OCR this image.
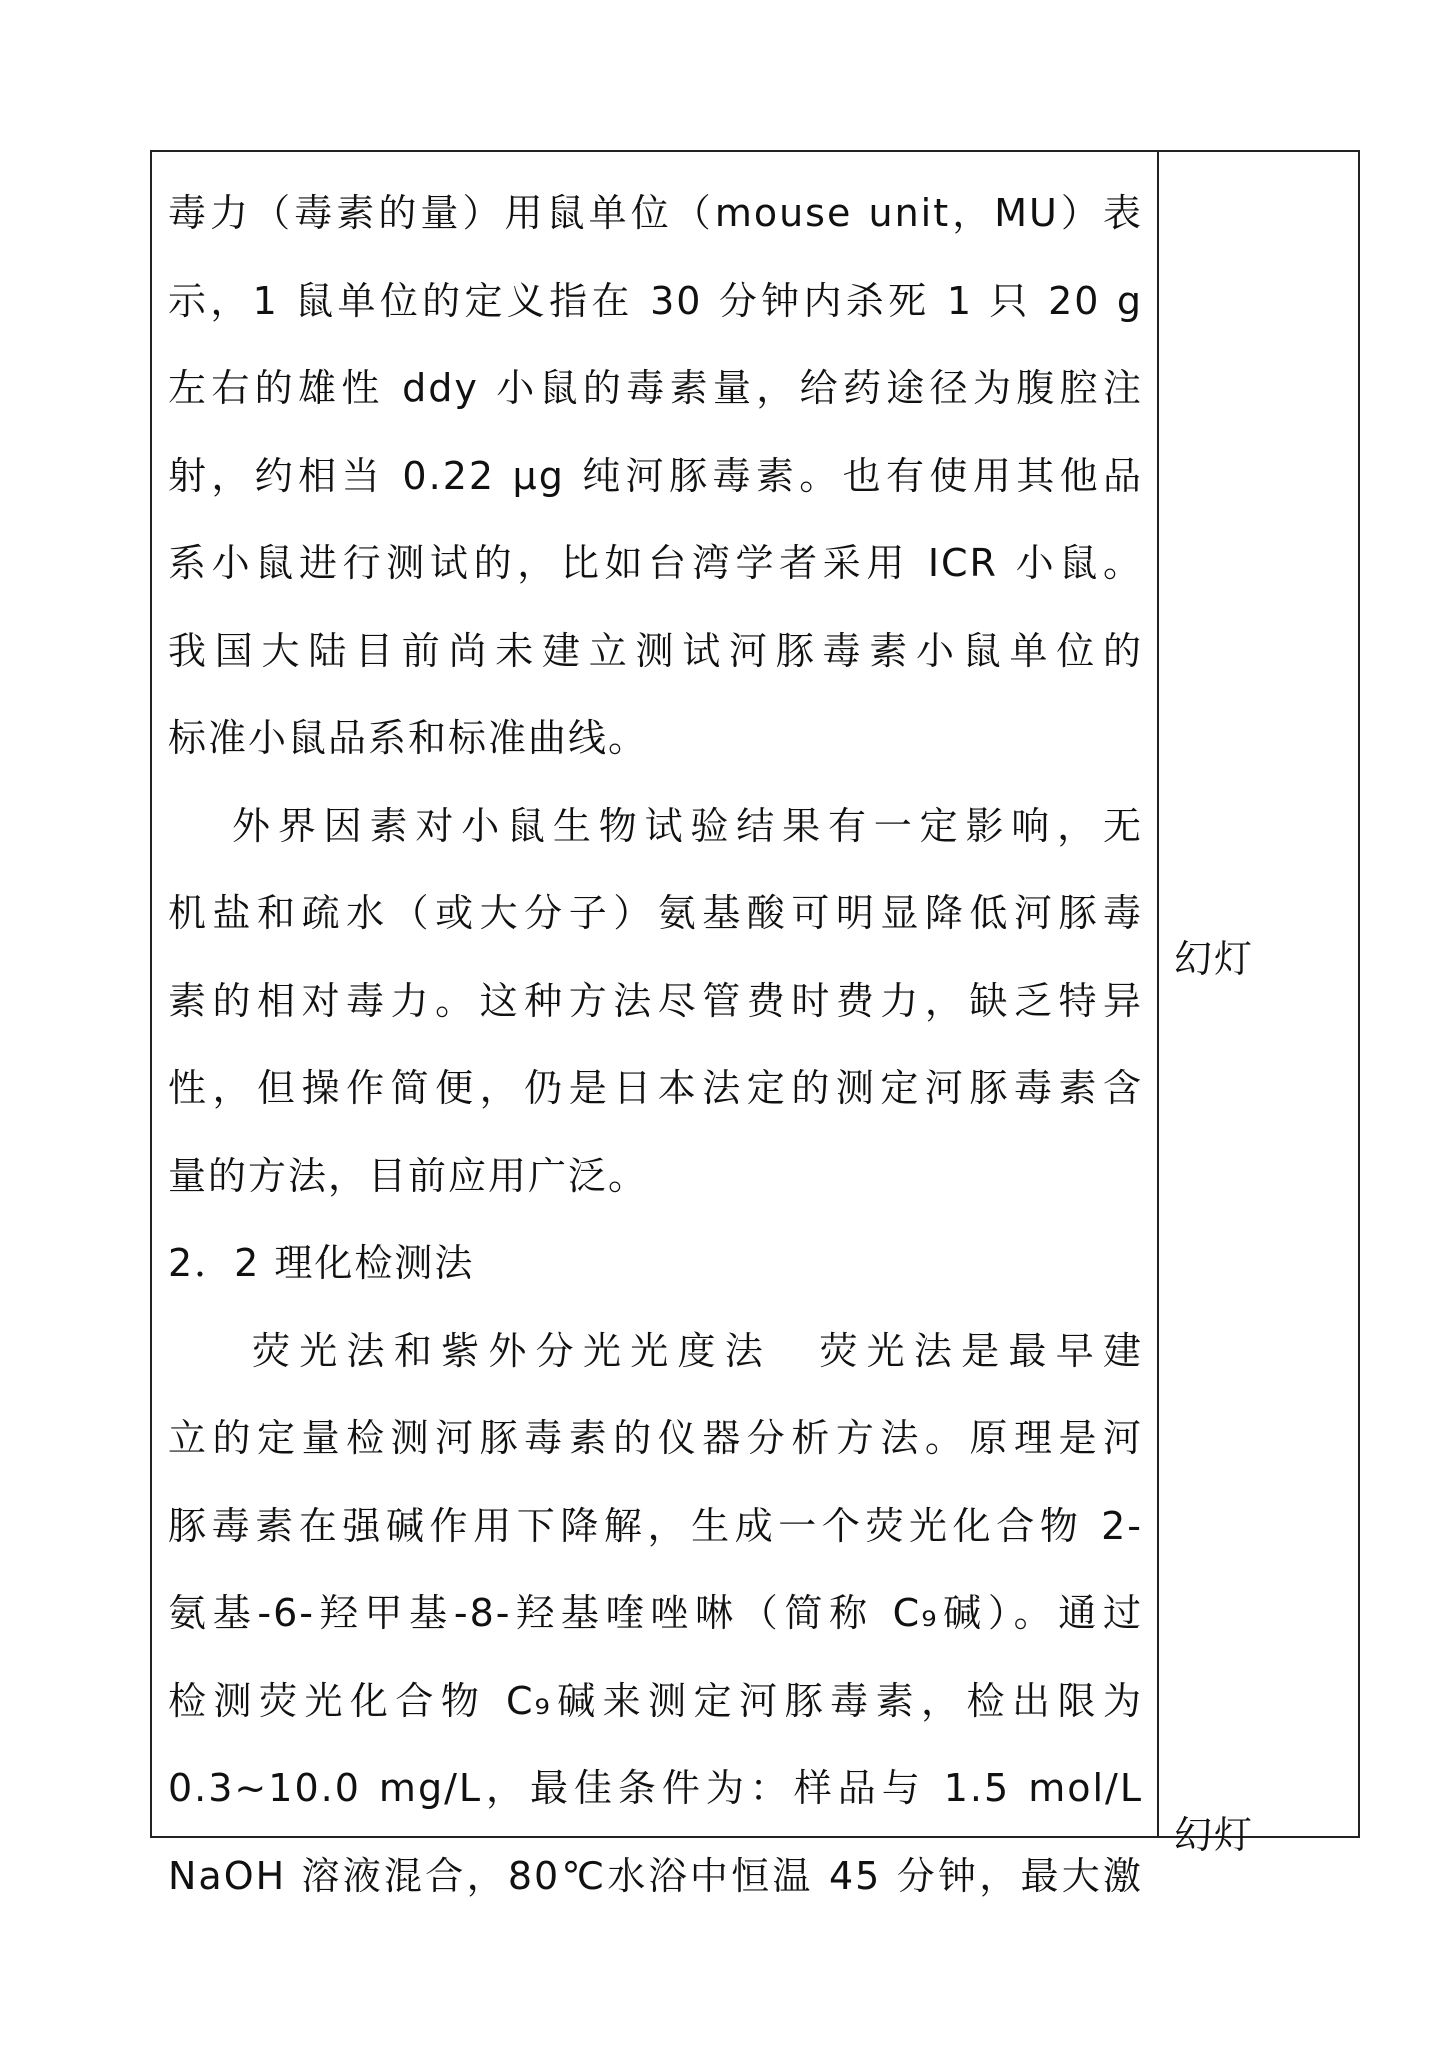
毒力（毒素的量）用鼠单位（mouse unit，MU）表

示，1 鼠单位的定义指在 30 分钟内杀死 1 只 20 g

左右的雄性 ddy 小鼠的毒素量，给药途径为腹腔注

射，约相当 0.22 μg 纯河豚毒素。也有使用其他品

系小鼠进行测试的，比如台湾学者采用 ICR 小鼠。

我国大陆目前尚未建立测试河豚毒素小鼠单位的

标准小鼠品系和标准曲线。

外界因素对小鼠生物试验结果有一定影响，无

机盐和疏水（或大分子）氨基酸可明显降低河豚毒

素的相对毒力。这种方法尽管费时费力，缺乏特异

性，但操作简便，仍是日本法定的测定河豚毒素含

量的方法，目前应用广泛。

2．2 理化检测法

荧光法和紫外分光光度法　荧光法是最早建

立的定量检测河豚毒素的仪器分析方法。原理是河

豚毒素在强碱作用下降解，生成一个荧光化合物 2-

氨基-6-羟甲基-8-羟基喹唑啉（简称 C₉碱）。通过

检测荧光化合物 C₉碱来测定河豚毒素，检出限为

0.3~10.0 mg/L，最佳条件为：样品与 1.5 mol/L

NaOH 溶液混合，80℃水浴中恒温 45 分钟，最大激

幻灯
幻灯
